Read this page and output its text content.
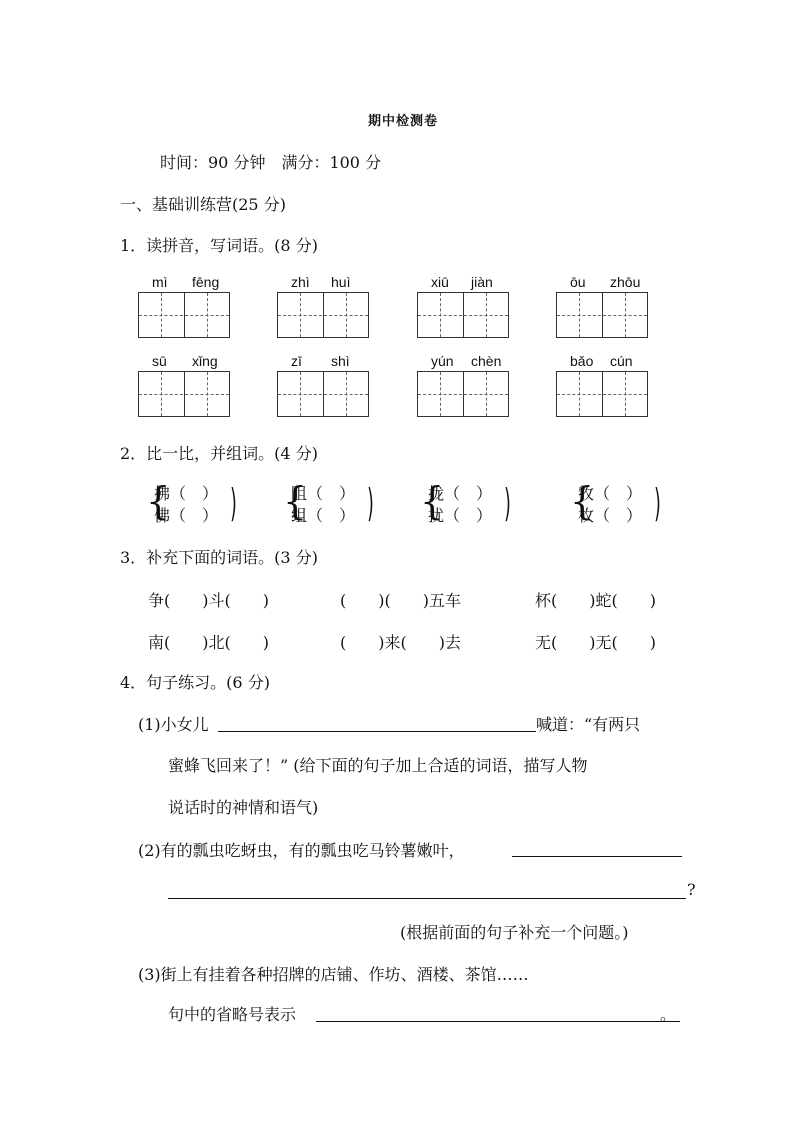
期中检测卷
时间：90 分钟　满分：100 分
一、基础训练营(25 分)
1．读拼音，写词语。(8 分)
mì fēng	zhì huì	xiū jiàn	ōu zhōu
sū xǐng	zī shì	yún chèn	bǎo cún
2．比一比，并组词。(4 分)
{
拂（　）
佛（　） ) {
阻（　）
组（　） ) {
拢（　）
扰（　） ) {
牧（　）
枚（　） )
3．补充下面的词语。(3 分)
争(　　)斗(　　)	(　　)(　　)五车	杯(　　)蛇(　　)
南(　　)北(　　)	(　　)来(　　)去	无(　　)无(　　)
4．句子练习。(6 分)
(1)小女儿	喊道：“有两只
蜜蜂飞回来了！” (给下面的句子加上合适的词语，描写人物
说话时的神情和语气)
(2)有的瓢虫吃蚜虫，有的瓢虫吃马铃薯嫩叶，
?
(根据前面的句子补充一个问题。)
(3)街上有挂着各种招牌的店铺、作坊、酒楼、茶馆……
句中的省略号表示	。
